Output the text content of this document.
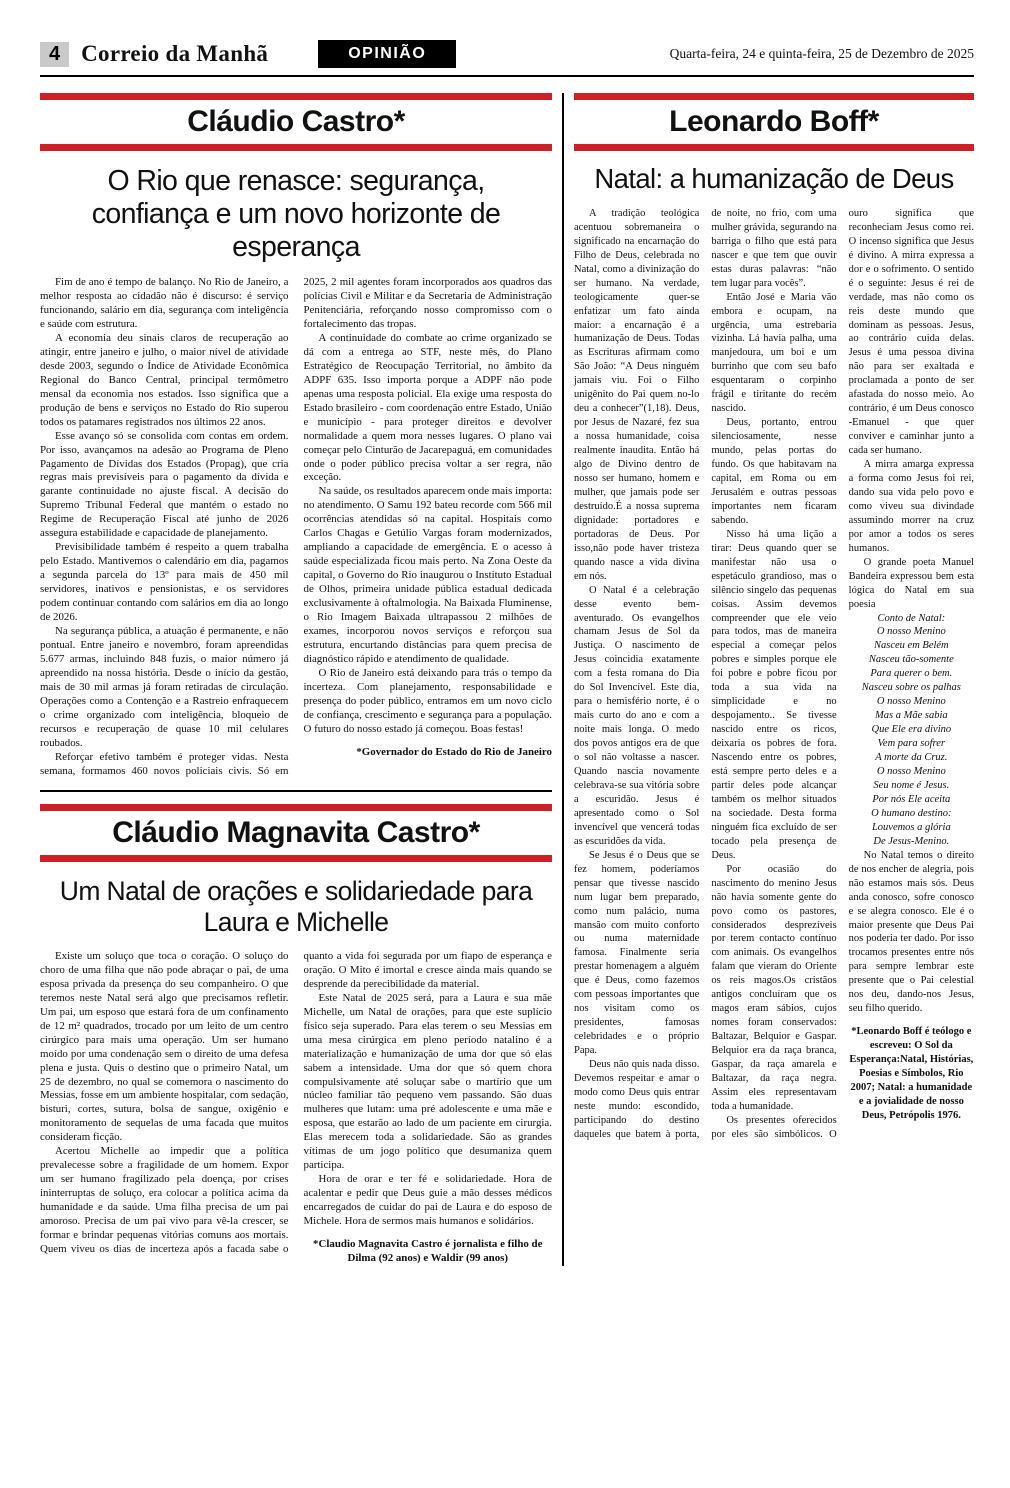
4 Correio da Manhã	OPINIÃO	Quarta-feira, 24 e quinta-feira, 25 de Dezembro de 2025
Cláudio Castro*
O Rio que renasce: segurança, confiança e um novo horizonte de esperança

Fim de ano é tempo de balanço. No Rio de Janeiro, a melhor resposta ao cidadão não é discurso: é serviço funcionando, salário em dia, segurança com inteligência e saúde com estrutura.

A economia deu sinais claros de recuperação ao atingir, entre janeiro e julho, o maior nível de atividade desde 2003, segundo o Índice de Atividade Econômica Regional do Banco Central, principal termômetro mensal da economia nos estados. Isso significa que a produção de bens e serviços no Estado do Rio superou todos os patamares registrados nos últimos 22 anos.

Esse avanço só se consolida com contas em ordem. Por isso, avançamos na adesão ao Programa de Pleno Pagamento de Dívidas dos Estados (Propag), que cria regras mais previsíveis para o pagamento da dívida e garante continuidade no ajuste fiscal. A decisão do Supremo Tribunal Federal que mantém o estado no Regime de Recuperação Fiscal até junho de 2026 assegura estabilidade e capacidade de planejamento.

Previsibilidade também é respeito a quem trabalha pelo Estado. Mantivemos o calendário em dia, pagamos a segunda parcela do 13º para mais de 450 mil servidores, inativos e pensionistas, e os servidores podem continuar contando com salários em dia ao longo de 2026.

Na segurança pública, a atuação é permanente, e não pontual. Entre janeiro e novembro, foram apreendidas 5.677 armas, incluindo 848 fuzis, o maior número já apreendido na nossa história. Desde o início da gestão, mais de 30 mil armas já foram retiradas de circulação. Operações como a Contenção e a Rastreio enfraquecem o crime organizado com inteligência, bloqueio de recursos e recuperação de quase 10 mil celulares roubados.

Reforçar efetivo também é proteger vidas. Nesta semana, formamos 460 novos policiais civis. Só em 2025, 2 mil agentes foram incorporados aos quadros das polícias Civil e Militar e da Secretaria de Administração Penitenciária, reforçando nosso compromisso com o fortalecimento das tropas.

A continuidade do combate ao crime organizado se dá com a entrega ao STF, neste mês, do Plano Estratégico de Reocupação Territorial, no âmbito da ADPF 635. Isso importa porque a ADPF não pode apenas uma resposta policial. Ela exige uma resposta do Estado brasileiro - com coordenação entre Estado, União e município - para proteger direitos e devolver normalidade a quem mora nesses lugares. O plano vai começar pelo Cinturão de Jacarepaguá, em comunidades onde o poder público precisa voltar a ser regra, não exceção.

Na saúde, os resultados aparecem onde mais importa: no atendimento. O Samu 192 bateu recorde com 566 mil ocorrências atendidas só na capital. Hospitais como Carlos Chagas e Getúlio Vargas foram modernizados, ampliando a capacidade de emergência. E o acesso à saúde especializada ficou mais perto. Na Zona Oeste da capital, o Governo do Rio inaugurou o Instituto Estadual de Olhos, primeira unidade pública estadual dedicada exclusivamente à oftalmologia. Na Baixada Fluminense, o Rio Imagem Baixada ultrapassou 2 milhões de exames, incorporou novos serviços e reforçou sua estrutura, encurtando distâncias para quem precisa de diagnóstico rápido e atendimento de qualidade.

O Rio de Janeiro está deixando para trás o tempo da incerteza. Com planejamento, responsabilidade e presença do poder público, entramos em um novo ciclo de confiança, crescimento e segurança para a população. O futuro do nosso estado já começou. Boas festas!

*Governador do Estado do Rio de Janeiro

Cláudio Magnavita Castro*
Um Natal de orações e solidariedade para Laura e Michelle

Existe um soluço que toca o coração. O soluço do choro de uma filha que não pode abraçar o pai, de uma esposa privada da presença do seu companheiro. O que teremos neste Natal será algo que precisamos refletir. Um pai, um esposo que estará fora de um confinamento de 12 m² quadrados, trocado por um leito de um centro cirúrgico para mais uma operação. Um ser humano moído por uma condenação sem o direito de uma defesa plena e justa. Quis o destino que o primeiro Natal, um 25 de dezembro, no qual se comemora o nascimento do Messias, fosse em um ambiente hospitalar, com sedação, bisturi, cortes, sutura, bolsa de sangue, oxigênio e monitoramento de sequelas de uma facada que muitos consideram ficção.

Acertou Michelle ao impedir que a política prevalecesse sobre a fragilidade de um homem. Expor um ser humano fragilizado pela doença, por crises ininterruptas de soluço, era colocar a política acima da humanidade e da saúde. Uma filha precisa de um pai amoroso. Precisa de um pai vivo para vê-la crescer, se formar e brindar pequenas vitórias comuns aos mortais. Quem viveu os dias de incerteza após a facada sabe o quanto a vida foi segurada por um fiapo de esperança e oração. O Mito é imortal e cresce ainda mais quando se desprende da perecibilidade da material.

Este Natal de 2025 será, para a Laura e sua mãe Michelle, um Natal de orações, para que este suplício físico seja superado. Para elas terem o seu Messias em uma mesa cirúrgica em pleno período natalino é a materialização e humanização de uma dor que só elas sabem a intensidade. Uma dor que só quem chora compulsivamente até soluçar sabe o martírio que um núcleo familiar tão pequeno vem passando. São duas mulheres que lutam: uma pré adolescente e uma mãe e esposa, que estarão ao lado de um paciente em cirurgia. Elas merecem toda a solidariedade. São as grandes vítimas de um jogo político que desumaniza quem participa.

Hora de orar e ter fé e solidariedade. Hora de acalentar e pedir que Deus guie a mão desses médicos encarregados de cuidar do pai de Laura e do esposo de Michele. Hora de sermos mais humanos e solidários.

*Claudio Magnavita Castro é jornalista e filho de Dilma (92 anos) e Waldir (99 anos)

Leonardo Boff*
Natal: a humanização de Deus

A tradição teológica acentuou sobremaneira o significado na encarnação do Filho de Deus, celebrada no Natal, como a divinização do ser humano. Na verdade, teologicamente quer-se enfatizar um fato ainda maior: a encarnação é a humanização de Deus. Todas as Escrituras afirmam como São João: “A Deus ninguém jamais viu. Foi o Filho unigênito do Pai quem no-lo deu a conhecer”(1,18). Deus, por Jesus de Nazaré, fez sua a nossa humanidade, coisa realmente inaudita. Então há algo de Divino dentro de nosso ser humano, homem e mulher, que jamais pode ser destruído.É a nossa suprema dignidade: portadores e portadoras de Deus. Por isso,não pode haver tristeza quando nasce a vida divina em nós.

O Natal é a celebração desse evento bem-aventurado. Os evangelhos chamam Jesus de Sol da Justiça. O nascimento de Jesus coincidia exatamente com a festa romana do Dia do Sol Invencível. Este dia, para o hemisfério norte, é o mais curto do ano e com a noite mais longa. O medo dos povos antigos era de que o sol não voltasse a nascer. Quando nascia novamente celebrava-se sua vitória sobre a escuridão. Jesus é apresentado como o Sol invencível que vencerá todas as escuridões da vida.

Se Jesus é o Deus que se fez homem, poderíamos pensar que tivesse nascido num lugar bem preparado, como num palácio, numa mansão com muito conforto ou numa maternidade famosa. Finalmente seria prestar homenagem a alguém que é Deus, como fazemos com pessoas importantes que nos visitam como os presidentes, famosas celebridades e o próprio Papa.

Deus não quis nada disso. Devemos respeitar e amar o modo como Deus quis entrar neste mundo: escondido, participando do destino daqueles que batem à porta, de noite, no frio, com uma mulher grávida, segurando na barriga o filho que está para nascer e que tem que ouvir estas duras palavras: “não tem lugar para vocês”.

Então José e Maria vão embora e ocupam, na urgência, uma estrebaria vizinha. Lá havia palha, uma manjedoura, um boi e um burrinho que com seu bafo esquentaram o corpinho frágil e tiritante do recém nascido.

Deus, portanto, entrou silenciosamente, nesse mundo, pelas portas do fundo. Os que habitavam na capital, em Roma ou em Jerusalém e outras pessoas importantes nem ficaram sabendo.

Nisso há uma lição a tirar: Deus quando quer se manifestar não usa o espetáculo grandioso, mas o silêncio singelo das pequenas coisas. Assim devemos compreender que ele veio para todos, mas de maneira especial a começar pelos pobres e simples porque ele foi pobre e pobre ficou por toda a sua vida na simplicidade e no despojamento.. Se tivesse nascido entre os ricos, deixaria os pobres de fora. Nascendo entre os pobres, está sempre perto deles e a partir deles pode alcançar também os melhor situados na sociedade. Desta forma ninguém fica excluído de ser tocado pela presença de Deus.

Por ocasião do nascimento do menino Jesus não havia somente gente do povo como os pastores, considerados desprezíveis por terem contacto contínuo com animais. Os evangelhos falam que vieram do Oriente os reis magos.Os cristãos antigos concluíram que os magos eram sábios, cujos nomes foram conservados: Baltazar, Belquior e Gaspar. Belquior era da raça branca, Gaspar, da raça amarela e Baltazar, da raça negra. Assim eles representavam toda a humanidade.

Os presentes oferecidos por eles são simbólicos. O ouro significa que reconheciam Jesus como rei. O incenso significa que Jesus é divino. A mirra expressa a dor e o sofrimento. O sentido é o seguinte: Jesus é rei de verdade, mas não como os reis deste mundo que dominam as pessoas. Jesus, ao contrário cuida delas. Jesus é uma pessoa divina não para ser exaltada e proclamada a ponto de ser afastada do nosso meio. Ao contrário, é um Deus conosco -Emanuel - que quer conviver e caminhar junto a cada ser humano.

A mirra amarga expressa a forma como Jesus foi rei, dando sua vida pelo povo e como viveu sua divindade assumindo morrer na cruz por amor a todos os seres humanos.

O grande poeta Manuel Bandeira expressou bem esta lógica do Natal em sua poesia

Conto de Natal:

O nosso Menino

Nasceu em Belém

Nasceu tão-somente

Para querer o bem.

Nasceu sobre os palhas

O nosso Menino

Mas a Mãe sabia

Que Ele era divino

Vem para sofrer

A morte da Cruz.

O nosso Menino

Seu nome é Jesus.

Por nós Ele aceita

O humano destino:

Louvemos a glória

De Jesus-Menino.

No Natal temos o direito de nos encher de alegria, pois não estamos mais sós. Deus anda conosco, sofre conosco e se alegra conosco. Ele é o maior presente que Deus Pai nos poderia ter dado. Por isso trocamos presentes entre nós para sempre lembrar este presente que o Pai celestial nos deu, dando-nos Jesus, seu filho querido.

*Leonardo Boff é teólogo e escreveu: O Sol da Esperança:Natal, Histórias, Poesias e Símbolos, Rio 2007; Natal: a humanidade e a jovialidade de nosso Deus, Petrópolis 1976.
